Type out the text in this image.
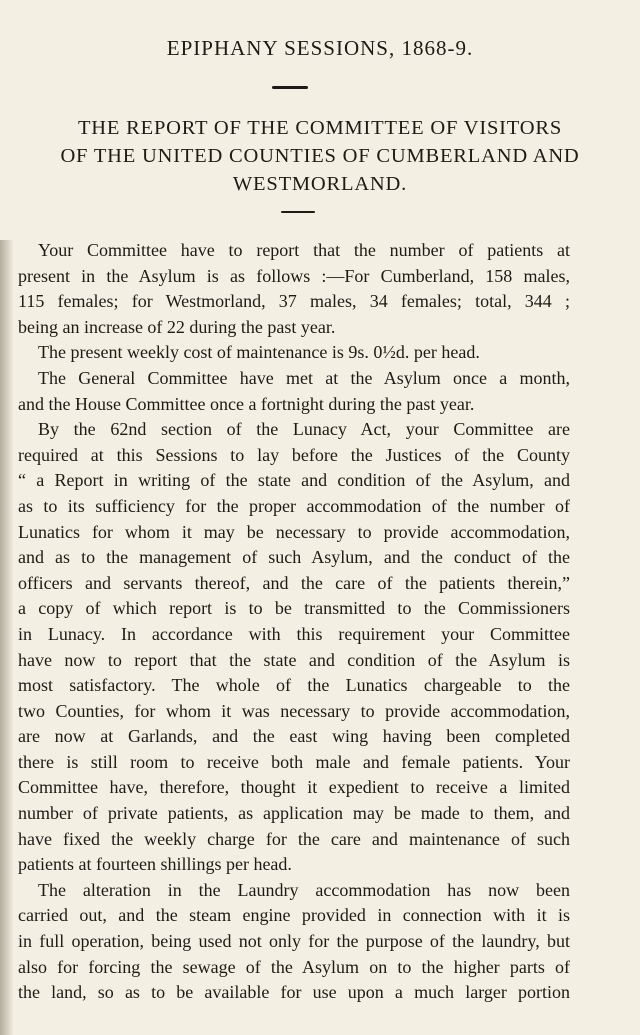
EPIPHANY SESSIONS, 1868-9.
THE REPORT OF THE COMMITTEE OF VISITORS
OF THE UNITED COUNTIES OF CUMBERLAND AND
WESTMORLAND.
Your Committee have to report that the number of patients at
present in the Asylum is as follows :—For Cumberland, 158 males,
115 females; for Westmorland, 37 males, 34 females; total, 344 ;
being an increase of 22 during the past year.
The present weekly cost of maintenance is 9s. 0½d. per head.
The General Committee have met at the Asylum once a month,
and the House Committee once a fortnight during the past year.
By the 62nd section of the Lunacy Act, your Committee are
required at this Sessions to lay before the Justices of the County
“ a Report in writing of the state and condition of the Asylum, and
as to its sufficiency for the proper accommodation of the number of
Lunatics for whom it may be necessary to provide accommodation,
and as to the management of such Asylum, and the conduct of the
officers and servants thereof, and the care of the patients therein,”
a copy of which report is to be transmitted to the Commissioners
in Lunacy. In accordance with this requirement your Committee
have now to report that the state and condition of the Asylum is
most satisfactory. The whole of the Lunatics chargeable to the
two Counties, for whom it was necessary to provide accommodation,
are now at Garlands, and the east wing having been completed
there is still room to receive both male and female patients. Your
Committee have, therefore, thought it expedient to receive a limited
number of private patients, as application may be made to them, and
have fixed the weekly charge for the care and maintenance of such
patients at fourteen shillings per head.
The alteration in the Laundry accommodation has now been
carried out, and the steam engine provided in connection with it is
in full operation, being used not only for the purpose of the laundry, but
also for forcing the sewage of the Asylum on to the higher parts of
the land, so as to be available for use upon a much larger portion
